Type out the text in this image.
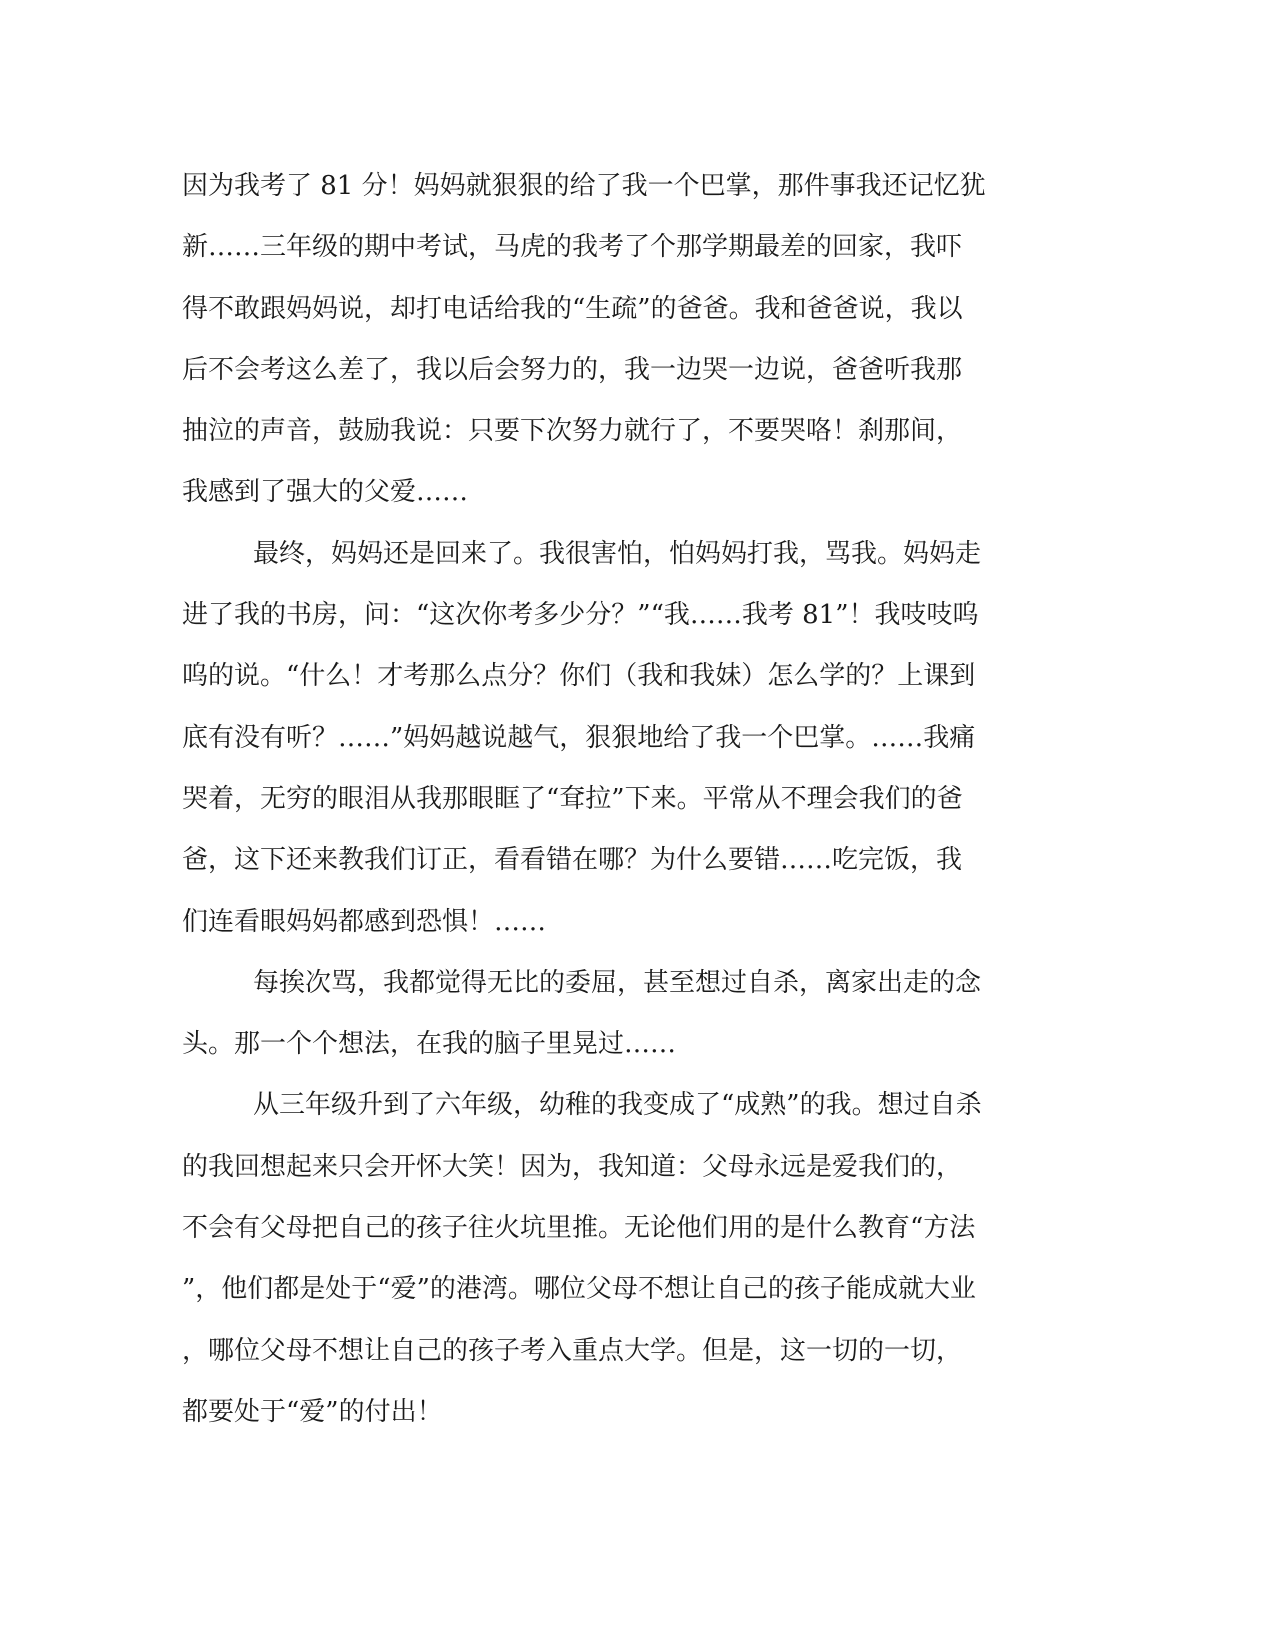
因为我考了 81 分！妈妈就狠狠的给了我一个巴掌，那件事我还记忆犹
新……三年级的期中考试，马虎的我考了个那学期最差的回家，我吓
得不敢跟妈妈说，却打电话给我的“生疏”的爸爸。我和爸爸说，我以
后不会考这么差了，我以后会努力的，我一边哭一边说，爸爸听我那
抽泣的声音，鼓励我说：只要下次努力就行了，不要哭咯！刹那间，
我感到了强大的父爱……
最终，妈妈还是回来了。我很害怕，怕妈妈打我，骂我。妈妈走
进了我的书房，问：“这次你考多少分？”“我……我考 81”！我吱吱呜
呜的说。“什么！才考那么点分？你们（我和我妹）怎么学的？上课到
底有没有听？……”妈妈越说越气，狠狠地给了我一个巴掌。……我痛
哭着，无穷的眼泪从我那眼眶了“耷拉”下来。平常从不理会我们的爸
爸，这下还来教我们订正，看看错在哪？为什么要错……吃完饭，我
们连看眼妈妈都感到恐惧！……
每挨次骂，我都觉得无比的委屈，甚至想过自杀，离家出走的念
头。那一个个想法，在我的脑子里晃过……
从三年级升到了六年级，幼稚的我变成了“成熟”的我。想过自杀
的我回想起来只会开怀大笑！因为，我知道：父母永远是爱我们的，
不会有父母把自己的孩子往火坑里推。无论他们用的是什么教育“方法
”，他们都是处于“爱”的港湾。哪位父母不想让自己的孩子能成就大业
，哪位父母不想让自己的孩子考入重点大学。但是，这一切的一切，
都要处于“爱”的付出！
